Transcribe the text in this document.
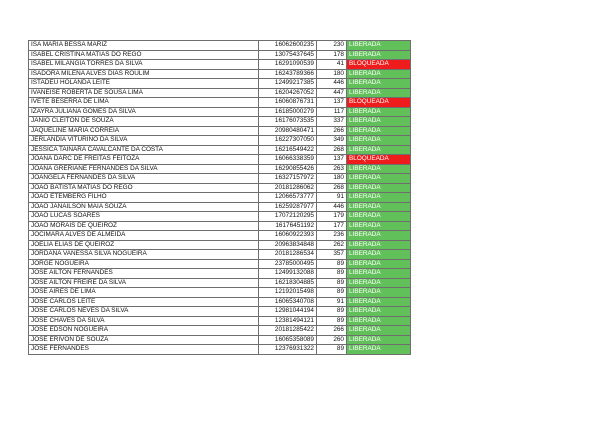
ISA MARIA BESSA MARIZ	16062600235	230	LIBERADA
ISABEL CRISTINA MATIAS DO REGO	13075437645	178	LIBERADA
ISABEL MILANGIA TORRES DA SILVA	16291090539	41	BLOQUEADA
ISADORA MILENA ALVES DIAS ROULIM	16243789366	180	LIBERADA
ISTADEU HOLANDA LEITE	12499217385	446	LIBERADA
IVANEISE ROBERTA DE SOUSA LIMA	16204267052	447	LIBERADA
IVETE BESERRA DE LIMA	16060876731	137	BLOQUEADA
IZAYRA JULIANA GOMES DA SILVA	16185000279	117	LIBERADA
JANIO CLEITON DE SOUZA	16176073535	337	LIBERADA
JAQUELINE MARIA CORREIA	20980480471	266	LIBERADA
JERLANDIA VITURINO DA SILVA	16227307050	349	LIBERADA
JESSICA TAINARA CAVALCANTE DA COSTA	16216549422	268	LIBERADA
JOANA DARC DE FREITAS FEITOZA	16066338359	137	BLOQUEADA
JOANA GRERIANE FERNANDES DA SILVA	16290855426	263	LIBERADA
JOANGELA FERNANDES DA SILVA	16327157972	180	LIBERADA
JOAO BATISTA MATIAS DO REGO	20181286062	268	LIBERADA
JOAO ETEMBERG FILHO	12066573777	91	LIBERADA
JOAO JANAILSON MAIA SOUZA	16259287977	446	LIBERADA
JOAO LUCAS SOARES	17072120295	179	LIBERADA
JOAO MORAIS DE QUEIROZ	16176451192	177	LIBERADA
JOCIMARA ALVES DE ALMEIDA	16060922393	236	LIBERADA
JOELIA ELIAS DE QUEIROZ	20963834848	262	LIBERADA
JORDANA VANESSA SILVA NOGUEIRA	20181286534	357	LIBERADA
JORGE NOGUEIRA	23785000495	89	LIBERADA
JOSE AILTON FERNANDES	12499132088	89	LIBERADA
JOSE AILTON FREIRE DA SILVA	16218304885	89	LIBERADA
JOSE AIRES DE LIMA	12192015498	89	LIBERADA
JOSE CARLOS LEITE	16065340708	91	LIBERADA
JOSE CARLOS NEVES DA SILVA	12981044194	89	LIBERADA
JOSE CHAVES DA SILVA	12381494121	89	LIBERADA
JOSE EDSON NOGUEIRA	20181285422	266	LIBERADA
JOSE ERIVON DE SOUZA	16065358089	260	LIBERADA
JOSE FERNANDES	12376931322	89	LIBERADA
